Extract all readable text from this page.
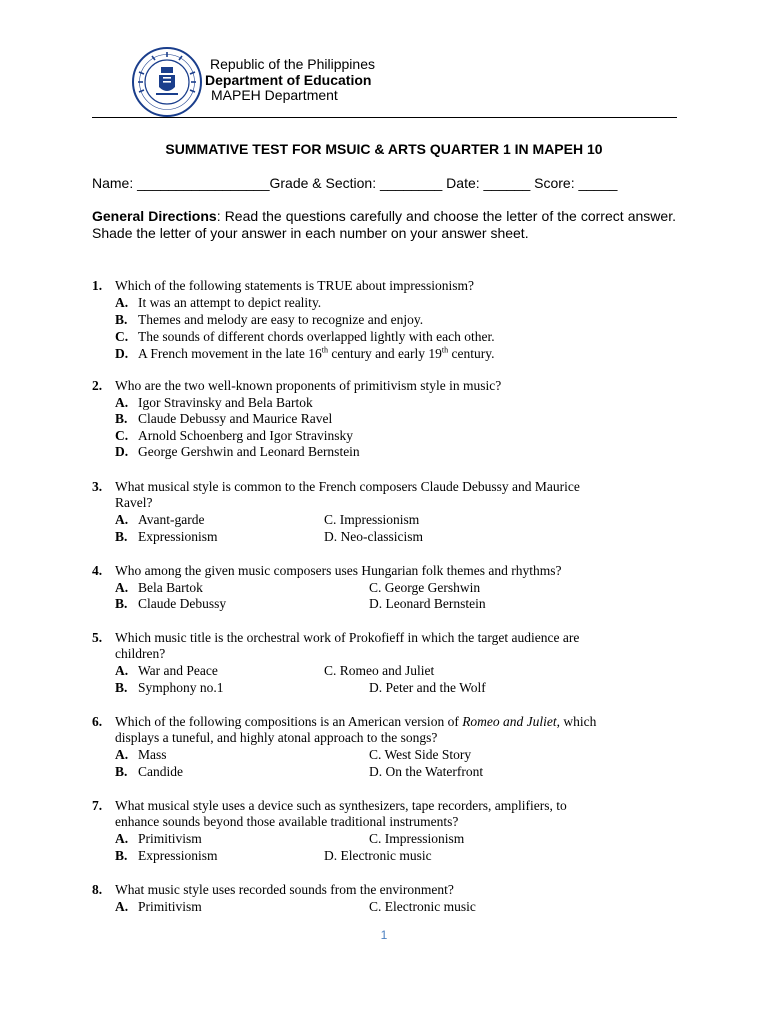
Republic of the Philippines
Department of Education
MAPEH Department
SUMMATIVE TEST FOR MSUIC & ARTS QUARTER 1 IN MAPEH 10
Name: _________________Grade & Section: ________ Date: ______ Score: _____
General Directions: Read the questions carefully and choose the letter of the correct answer. Shade the letter of your answer in each number on your answer sheet.
1. Which of the following statements is TRUE about impressionism?
A. It was an attempt to depict reality.
B. Themes and melody are easy to recognize and enjoy.
C. The sounds of different chords overlapped lightly with each other.
D. A French movement in the late 16th century and early 19th century.
2. Who are the two well-known proponents of primitivism style in music?
A. Igor Stravinsky and Bela Bartok
B. Claude Debussy and Maurice Ravel
C. Arnold Schoenberg and Igor Stravinsky
D. George Gershwin and Leonard Bernstein
3. What musical style is common to the French composers Claude Debussy and Maurice
Ravel?
A. Avant-garde	C. Impressionism
B. Expressionism	D. Neo-classicism
4. Who among the given music composers uses Hungarian folk themes and rhythms?
A. Bela Bartok	C. George Gershwin
B. Claude Debussy	D. Leonard Bernstein
5. Which music title is the orchestral work of Prokofieff in which the target audience are
children?
A. War and Peace	C. Romeo and Juliet
B. Symphony no.1	D. Peter and the Wolf
6. Which of the following compositions is an American version of Romeo and Juliet, which
displays a tuneful, and highly atonal approach to the songs?
A. Mass	C. West Side Story
B. Candide	D. On the Waterfront
7. What musical style uses a device such as synthesizers, tape recorders, amplifiers, to
enhance sounds beyond those available traditional instruments?
A. Primitivism	C. Impressionism
B. Expressionism	D. Electronic music
8. What music style uses recorded sounds from the environment?
A. Primitivism	C. Electronic music
1
